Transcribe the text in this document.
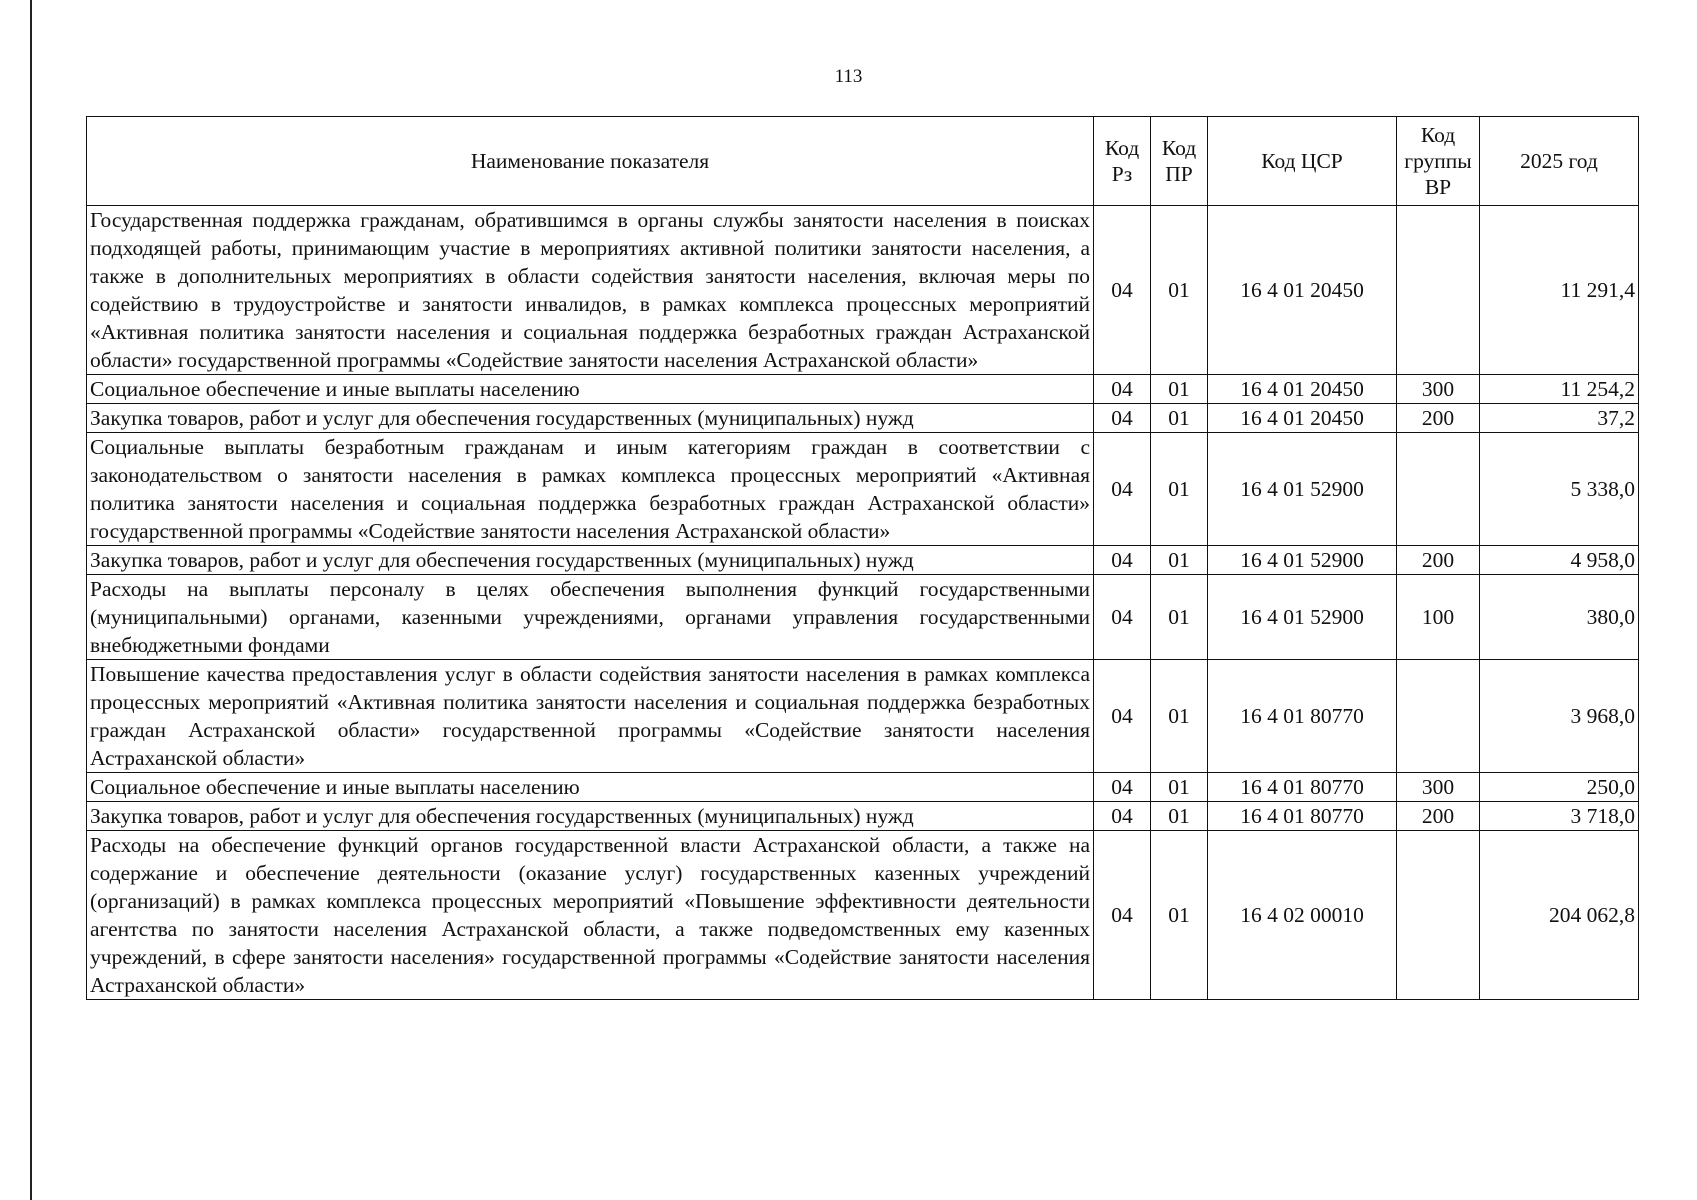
113
Наименование показателя	Код Рз	Код ПР	Код ЦСР	Код группы ВР	2025 год
Государственная поддержка гражданам, обратившимся в органы службы занятости населения в поисках подходящей работы, принимающим участие в мероприятиях активной политики занятости населения, а также в дополнительных мероприятиях в области содействия занятости населения, включая меры по содействию в трудоустройстве и занятости инвалидов, в рамках комплекса процессных мероприятий «Активная политика занятости населения и социальная поддержка безработных граждан Астраханской области» государственной программы «Содействие занятости населения Астраханской области»	04	01	16 4 01 20450		11 291,4
Социальное обеспечение и иные выплаты населению	04	01	16 4 01 20450	300	11 254,2
Закупка товаров, работ и услуг для обеспечения государственных (муниципальных) нужд	04	01	16 4 01 20450	200	37,2
Социальные выплаты безработным гражданам и иным категориям граждан в соответствии с законодательством о занятости населения в рамках комплекса процессных мероприятий «Активная политика занятости населения и социальная поддержка безработных граждан Астраханской области» государственной программы «Содействие занятости населения Астраханской области»	04	01	16 4 01 52900		5 338,0
Закупка товаров, работ и услуг для обеспечения государственных (муниципальных) нужд	04	01	16 4 01 52900	200	4 958,0
Расходы на выплаты персоналу в целях обеспечения выполнения функций государственными (муниципальными) органами, казенными учреждениями, органами управления государственными внебюджетными фондами	04	01	16 4 01 52900	100	380,0
Повышение качества предоставления услуг в области содействия занятости населения в рамках комплекса процессных мероприятий «Активная политика занятости населения и социальная поддержка безработных граждан Астраханской области» государственной программы «Содействие занятости населения Астраханской области»	04	01	16 4 01 80770		3 968,0
Социальное обеспечение и иные выплаты населению	04	01	16 4 01 80770	300	250,0
Закупка товаров, работ и услуг для обеспечения государственных (муниципальных) нужд	04	01	16 4 01 80770	200	3 718,0
Расходы на обеспечение функций органов государственной власти Астраханской области, а также на содержание и обеспечение деятельности (оказание услуг) государственных казенных учреждений (организаций) в рамках комплекса процессных мероприятий «Повышение эффективности деятельности агентства по занятости населения Астраханской области, а также подведомственных ему казенных учреждений, в сфере занятости населения» государственной программы «Содействие занятости населения Астраханской области»	04	01	16 4 02 00010		204 062,8
